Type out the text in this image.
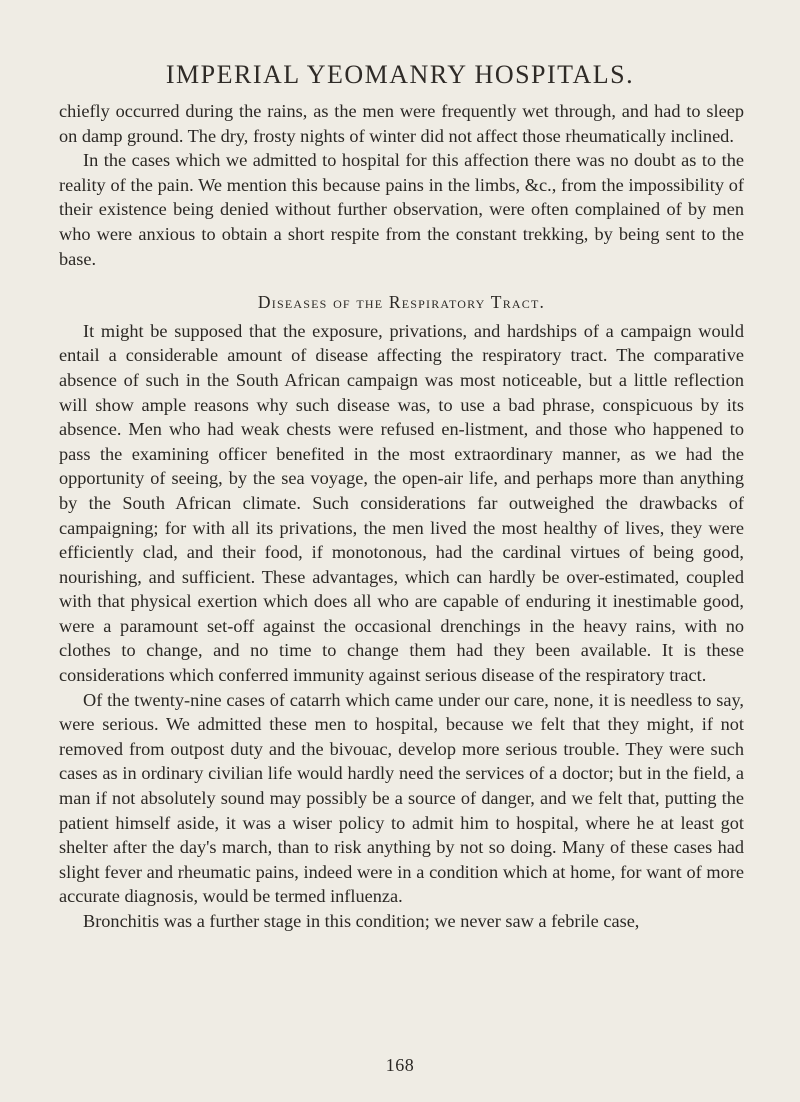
IMPERIAL YEOMANRY HOSPITALS.

chiefly occurred during the rains, as the men were frequently wet through, and had to sleep on damp ground. The dry, frosty nights of winter did not affect those rheumatically inclined.

In the cases which we admitted to hospital for this affection there was no doubt as to the reality of the pain. We mention this because pains in the limbs, &c., from the impossibility of their existence being denied without further observation, were often complained of by men who were anxious to obtain a short respite from the constant trekking, by being sent to the base.

Diseases of the Respiratory Tract.

It might be supposed that the exposure, privations, and hardships of a campaign would entail a considerable amount of disease affecting the respiratory tract. The comparative absence of such in the South African campaign was most noticeable, but a little reflection will show ample reasons why such disease was, to use a bad phrase, conspicuous by its absence. Men who had weak chests were refused en-listment, and those who happened to pass the examining officer benefited in the most extraordinary manner, as we had the opportunity of seeing, by the sea voyage, the open-air life, and perhaps more than anything by the South African climate. Such considerations far outweighed the drawbacks of campaigning; for with all its privations, the men lived the most healthy of lives, they were efficiently clad, and their food, if monotonous, had the cardinal virtues of being good, nourishing, and sufficient. These advantages, which can hardly be over-estimated, coupled with that physical exertion which does all who are capable of enduring it inestimable good, were a paramount set-off against the occasional drenchings in the heavy rains, with no clothes to change, and no time to change them had they been available. It is these considerations which conferred immunity against serious disease of the respiratory tract.

Of the twenty-nine cases of catarrh which came under our care, none, it is needless to say, were serious. We admitted these men to hospital, because we felt that they might, if not removed from outpost duty and the bivouac, develop more serious trouble. They were such cases as in ordinary civilian life would hardly need the services of a doctor; but in the field, a man if not absolutely sound may possibly be a source of danger, and we felt that, putting the patient himself aside, it was a wiser policy to admit him to hospital, where he at least got shelter after the day's march, than to risk anything by not so doing. Many of these cases had slight fever and rheumatic pains, indeed were in a condition which at home, for want of more accurate diagnosis, would be termed influenza.

Bronchitis was a further stage in this condition; we never saw a febrile case,

168
